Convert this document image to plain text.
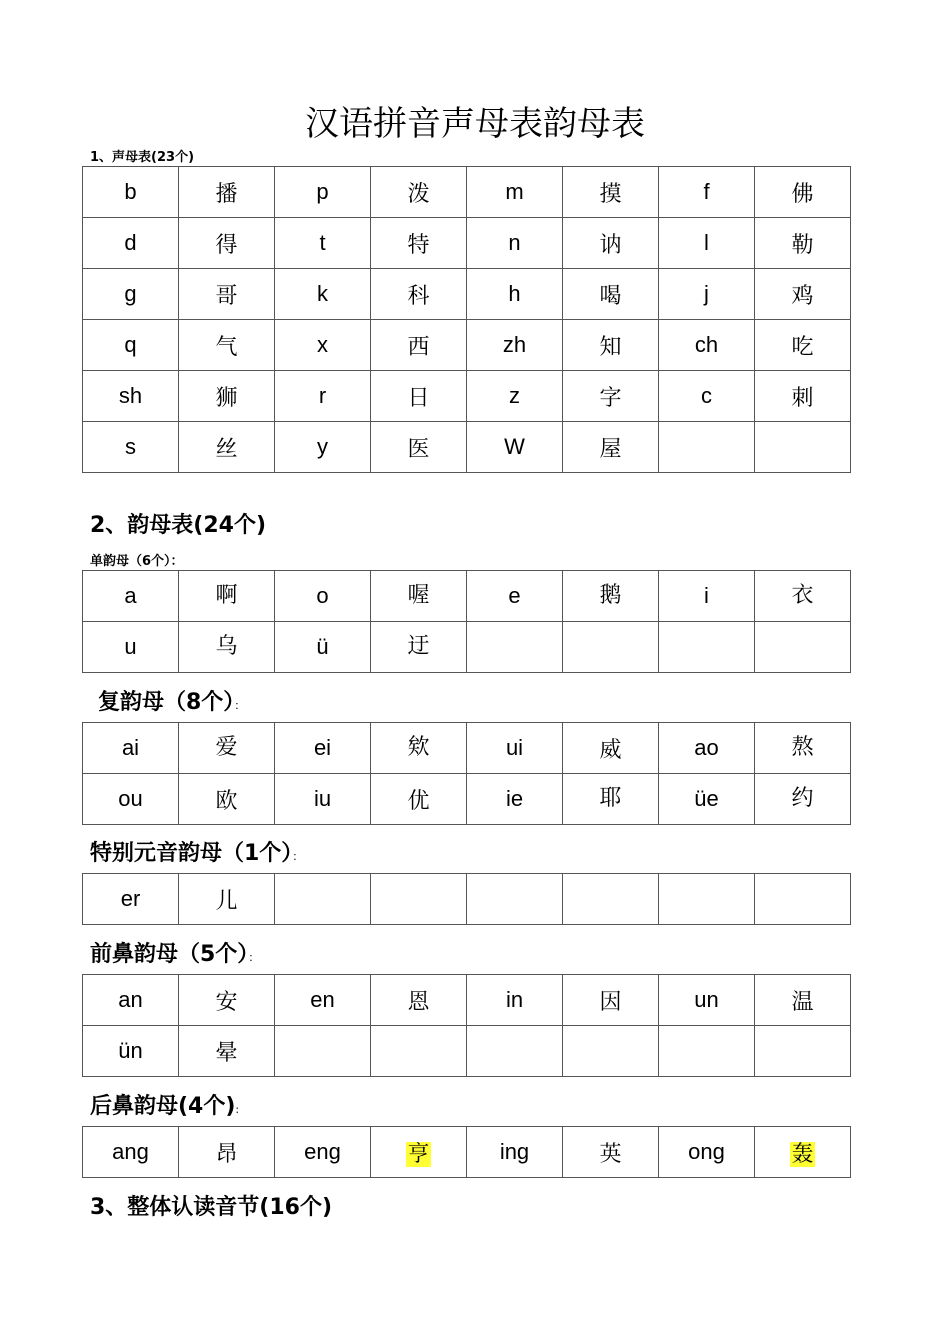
汉语拼音声母表韵母表
1、声母表(23个)
b	播	p	泼	m	摸	f	佛
d	得	t	特	n	讷	l	勒
g	哥	k	科	h	喝	j	鸡
q	气	x	西	zh	知	ch	吃
sh	狮	r	日	z	字	c	刺
s	丝	y	医	W	屋		
2、韵母表(24个)
单韵母（6个）：
a	啊	o	喔	e	鹅	i	衣
u	乌	ü	迂				
复韵母（8个）：
ai	爱	ei	欸	ui	威	ao	熬
ou	欧	iu	优	ie	耶	üe	约
特别元音韵母（1个）：
er	儿						
前鼻韵母（5个）：
an	安	en	恩	in	因	un	温
ün	晕						
后鼻韵母(4个):
ang	昂	eng	亨	ing	英	ong	轰
3、整体认读音节(16个)
